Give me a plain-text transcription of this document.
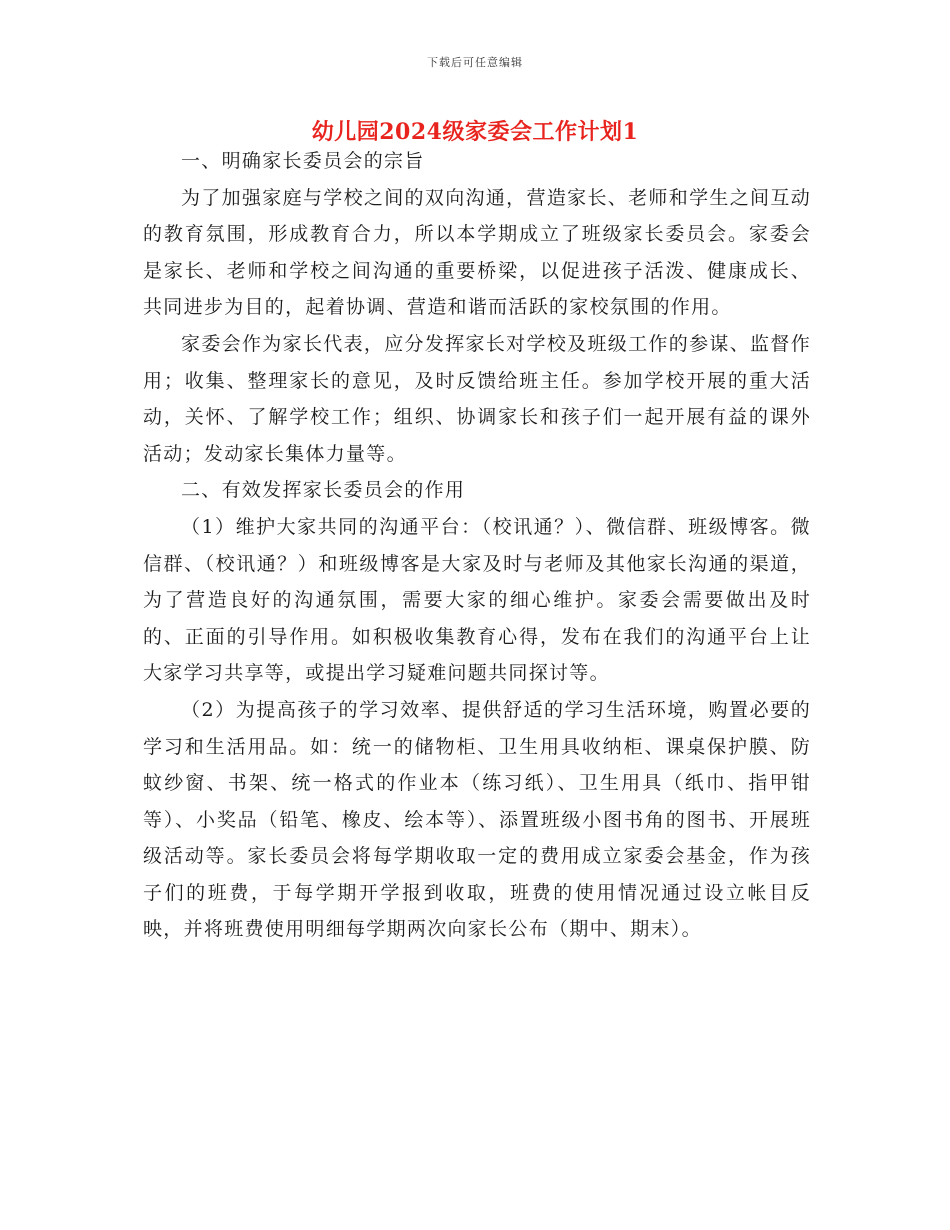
下载后可任意编辑
幼儿园2024级家委会工作计划1

一、明确家长委员会的宗旨

为了加强家庭与学校之间的双向沟通，营造家长、老师和学生之间互动的教育氛围，形成教育合力，所以本学期成立了班级家长委员会。家委会是家长、老师和学校之间沟通的重要桥梁，以促进孩子活泼、健康成长、共同进步为目的，起着协调、营造和谐而活跃的家校氛围的作用。

家委会作为家长代表，应分发挥家长对学校及班级工作的参谋、监督作用；收集、整理家长的意见，及时反馈给班主任。参加学校开展的重大活动，关怀、了解学校工作；组织、协调家长和孩子们一起开展有益的课外活动；发动家长集体力量等。

二、有效发挥家长委员会的作用

（1）维护大家共同的沟通平台：（校讯通？）、微信群、班级博客。微信群、（校讯通？）和班级博客是大家及时与老师及其他家长沟通的渠道，为了营造良好的沟通氛围，需要大家的细心维护。家委会需要做出及时的、正面的引导作用。如积极收集教育心得，发布在我们的沟通平台上让大家学习共享等，或提出学习疑难问题共同探讨等。

（2）为提高孩子的学习效率、提供舒适的学习生活环境，购置必要的学习和生活用品。如：统一的储物柜、卫生用具收纳柜、课桌保护膜、防蚊纱窗、书架、统一格式的作业本（练习纸）、卫生用具（纸巾、指甲钳等）、小奖品（铅笔、橡皮、绘本等）、添置班级小图书角的图书、开展班级活动等。家长委员会将每学期收取一定的费用成立家委会基金，作为孩子们的班费，于每学期开学报到收取，班费的使用情况通过设立帐目反映，并将班费使用明细每学期两次向家长公布（期中、期末）。
